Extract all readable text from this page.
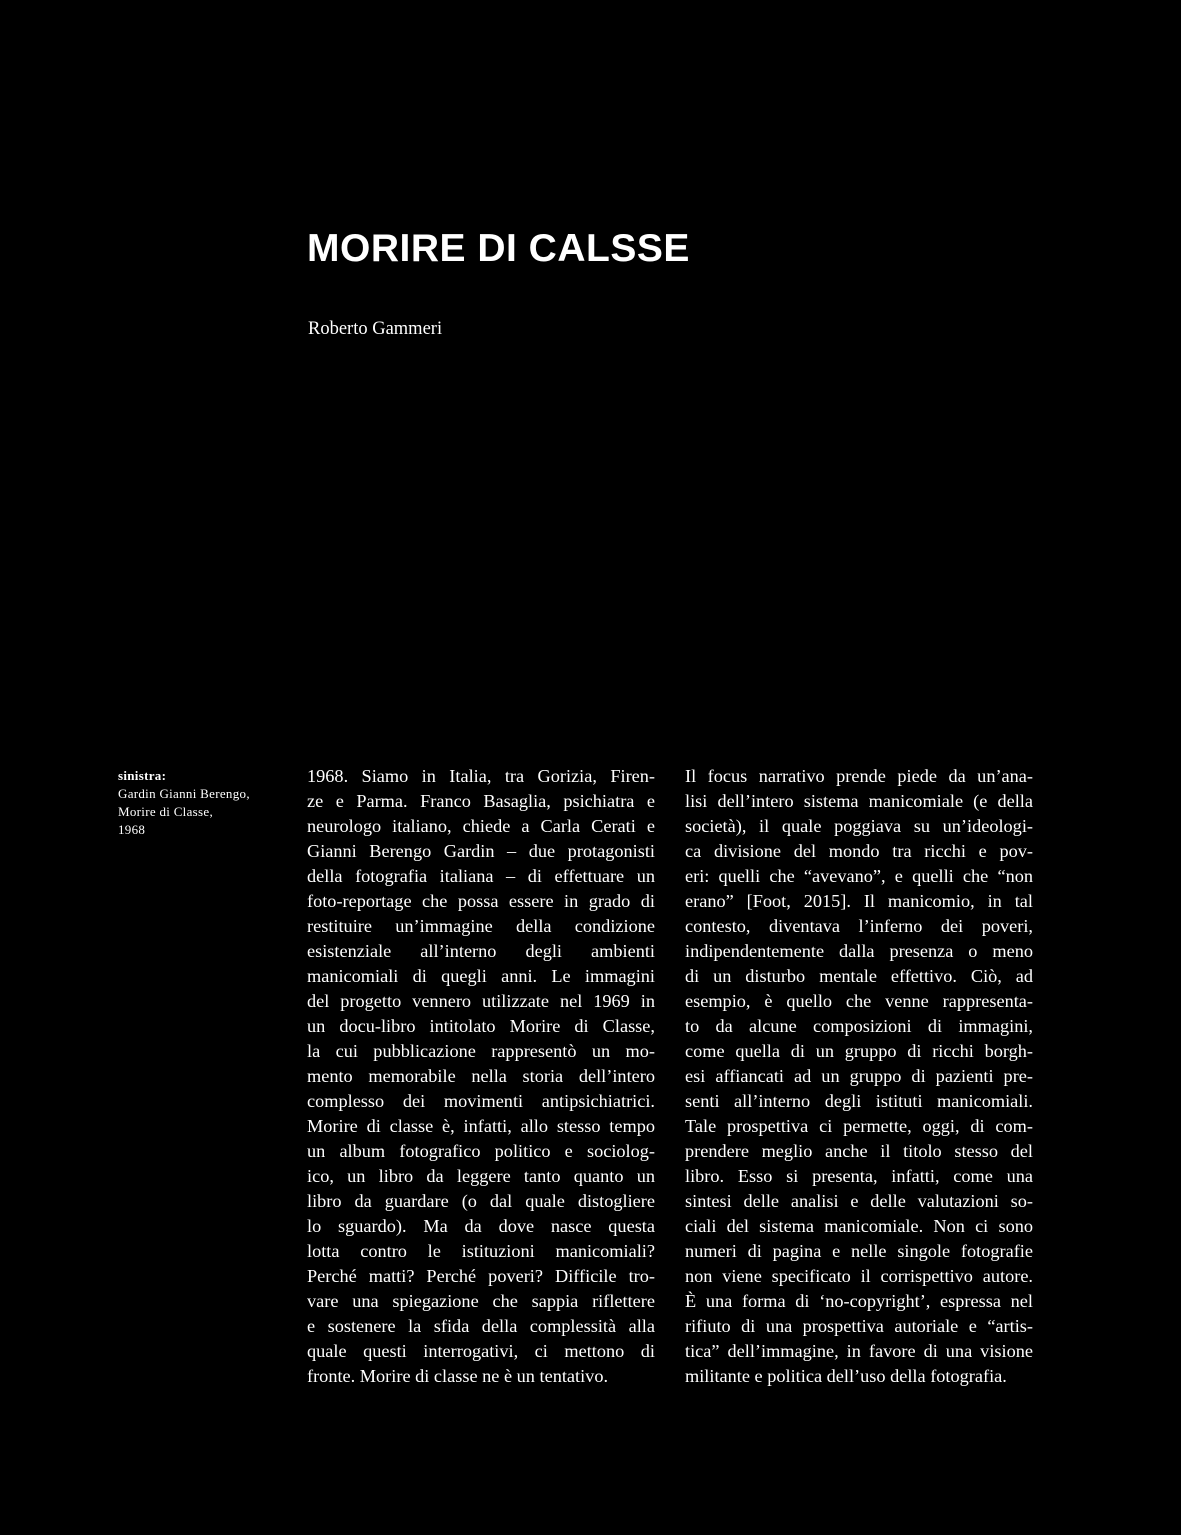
MORIRE DI CALSSE
Roberto Gammeri
sinistra:
Gardin Gianni Berengo,
Morire di Classe,
1968
1968. Siamo in Italia, tra Gorizia, Firen-
ze e Parma. Franco Basaglia, psichiatra e
neurologo italiano, chiede a Carla Cerati e
Gianni Berengo Gardin – due protagonisti
della fotografia italiana – di effettuare un
foto-reportage che possa essere in grado di
restituire un’immagine della condizione
esistenziale all’interno degli ambienti
manicomiali di quegli anni. Le immagini
del progetto vennero utilizzate nel 1969 in
un docu-libro intitolato Morire di Classe,
la cui pubblicazione rappresentò un mo-
mento memorabile nella storia dell’intero
complesso dei movimenti antipsichiatrici.
Morire di classe è, infatti, allo stesso tempo
un album fotografico politico e sociolog-
ico, un libro da leggere tanto quanto un
libro da guardare (o dal quale distogliere
lo sguardo). Ma da dove nasce questa
lotta contro le istituzioni manicomiali?
Perché matti? Perché poveri? Difficile tro-
vare una spiegazione che sappia riflettere
e sostenere la sfida della complessità alla
quale questi interrogativi, ci mettono di
fronte. Morire di classe ne è un tentativo.
Il focus narrativo prende piede da un’ana-
lisi dell’intero sistema manicomiale (e della
società), il quale poggiava su un’ideologi-
ca divisione del mondo tra ricchi e pov-
eri: quelli che “avevano”, e quelli che “non
erano” [Foot, 2015]. Il manicomio, in tal
contesto, diventava l’inferno dei poveri,
indipendentemente dalla presenza o meno
di un disturbo mentale effettivo. Ciò, ad
esempio, è quello che venne rappresenta-
to da alcune composizioni di immagini,
come quella di un gruppo di ricchi borgh-
esi affiancati ad un gruppo di pazienti pre-
senti all’interno degli istituti manicomiali.
Tale prospettiva ci permette, oggi, di com-
prendere meglio anche il titolo stesso del
libro. Esso si presenta, infatti, come una
sintesi delle analisi e delle valutazioni so-
ciali del sistema manicomiale. Non ci sono
numeri di pagina e nelle singole fotografie
non viene specificato il corrispettivo autore.
È una forma di ‘no-copyright’, espressa nel
rifiuto di una prospettiva autoriale e “artis-
tica” dell’immagine, in favore di una visione
militante e politica dell’uso della fotografia.
